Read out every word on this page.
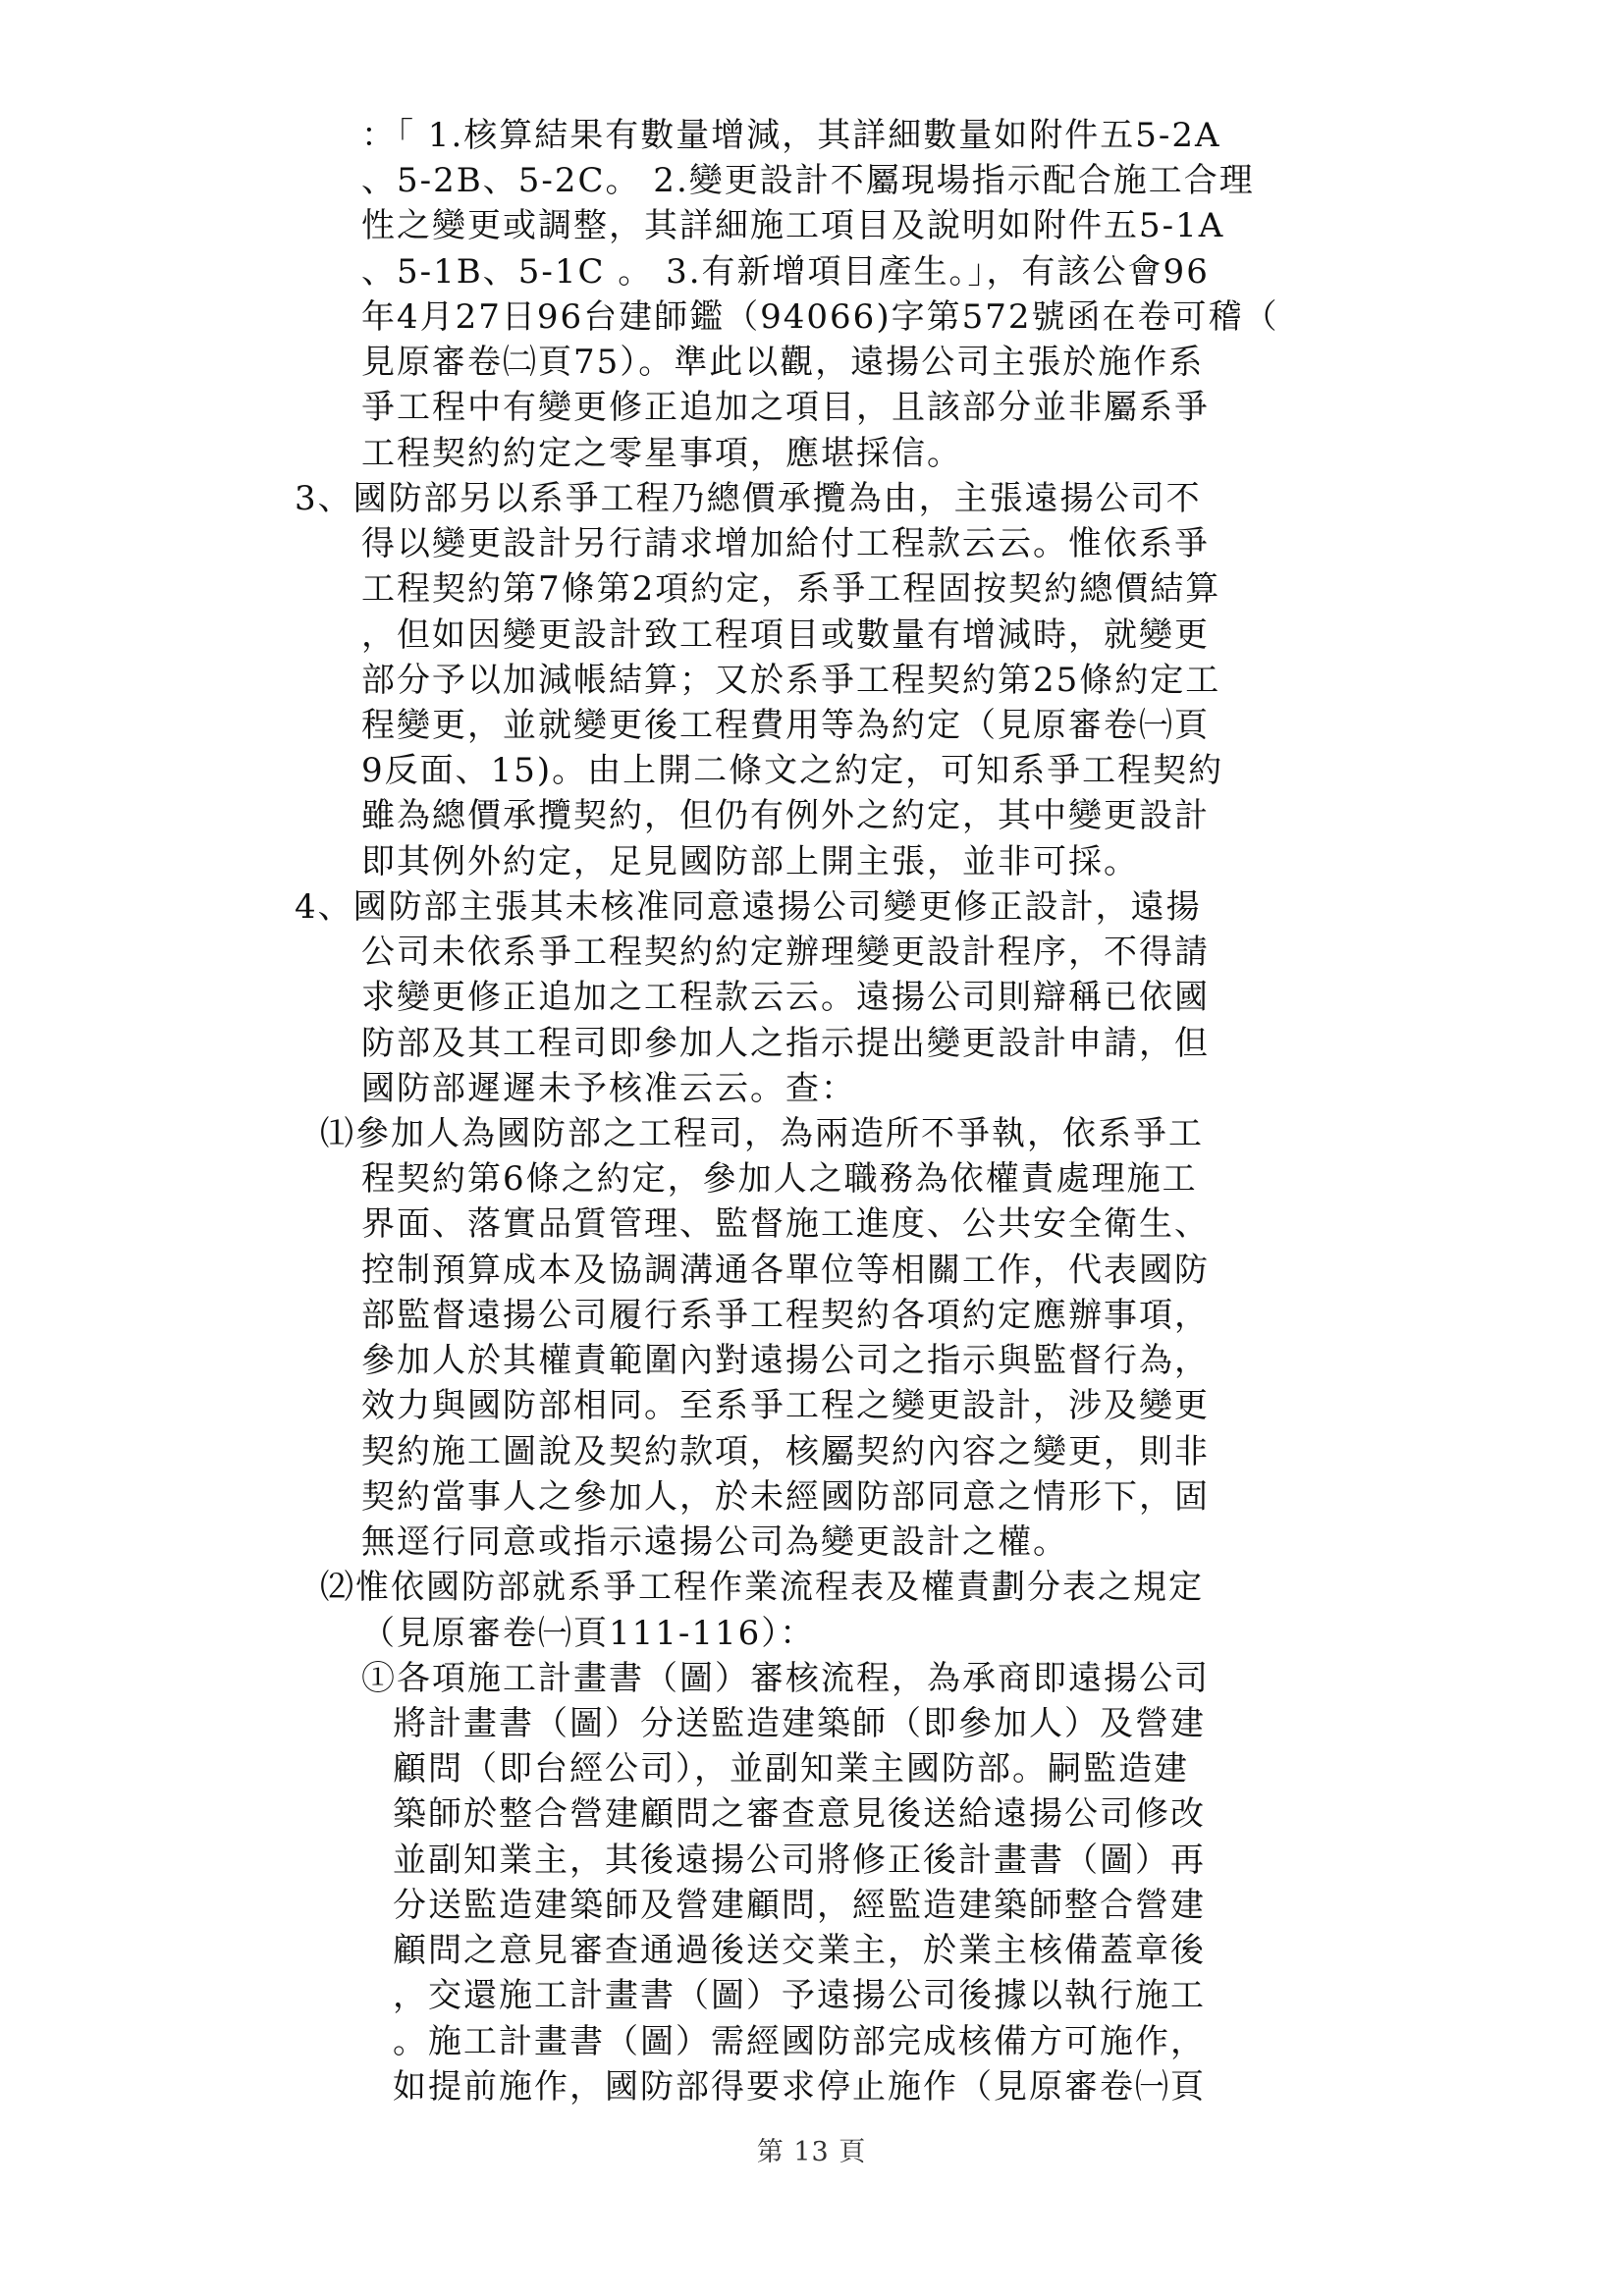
：「 1.核算結果有數量增減，其詳細數量如附件五5-2A
、5-2B、5-2C。 2.變更設計不屬現場指示配合施工合理
性之變更或調整，其詳細施工項目及說明如附件五5-1A
、5-1B、5-1C 。 3.有新增項目產生。」，有該公會96
年4月27日96台建師鑑（94066)字第572號函在卷可稽（
見原審卷㈡頁75）。準此以觀，遠揚公司主張於施作系
爭工程中有變更修正追加之項目，且該部分並非屬系爭
工程契約約定之零星事項，應堪採信。
3、國防部另以系爭工程乃總價承攬為由，主張遠揚公司不
得以變更設計另行請求增加給付工程款云云。惟依系爭
工程契約第7條第2項約定，系爭工程固按契約總價結算
，但如因變更設計致工程項目或數量有增減時，就變更
部分予以加減帳結算；又於系爭工程契約第25條約定工
程變更，並就變更後工程費用等為約定（見原審卷㈠頁
9反面、15)。由上開二條文之約定，可知系爭工程契約
雖為總價承攬契約，但仍有例外之約定，其中變更設計
即其例外約定，足見國防部上開主張，並非可採。
4、國防部主張其未核准同意遠揚公司變更修正設計，遠揚
公司未依系爭工程契約約定辦理變更設計程序，不得請
求變更修正追加之工程款云云。遠揚公司則辯稱已依國
防部及其工程司即參加人之指示提出變更設計申請，但
國防部遲遲未予核准云云。查：
⑴參加人為國防部之工程司，為兩造所不爭執，依系爭工
程契約第6條之約定，參加人之職務為依權責處理施工
界面、落實品質管理、監督施工進度、公共安全衛生、
控制預算成本及協調溝通各單位等相關工作，代表國防
部監督遠揚公司履行系爭工程契約各項約定應辦事項，
參加人於其權責範圍內對遠揚公司之指示與監督行為，
效力與國防部相同。至系爭工程之變更設計，涉及變更
契約施工圖說及契約款項，核屬契約內容之變更，則非
契約當事人之參加人，於未經國防部同意之情形下，固
無逕行同意或指示遠揚公司為變更設計之權。
⑵惟依國防部就系爭工程作業流程表及權責劃分表之規定
（見原審卷㈠頁111-116）：
①各項施工計畫書（圖）審核流程，為承商即遠揚公司
將計畫書（圖）分送監造建築師（即參加人）及營建
顧問（即台經公司），並副知業主國防部。嗣監造建
築師於整合營建顧問之審查意見後送給遠揚公司修改
並副知業主，其後遠揚公司將修正後計畫書（圖）再
分送監造建築師及營建顧問，經監造建築師整合營建
顧問之意見審查通過後送交業主，於業主核備蓋章後
，交還施工計畫書（圖）予遠揚公司後據以執行施工
。施工計畫書（圖）需經國防部完成核備方可施作，
如提前施作，國防部得要求停止施作（見原審卷㈠頁
第 13 頁
